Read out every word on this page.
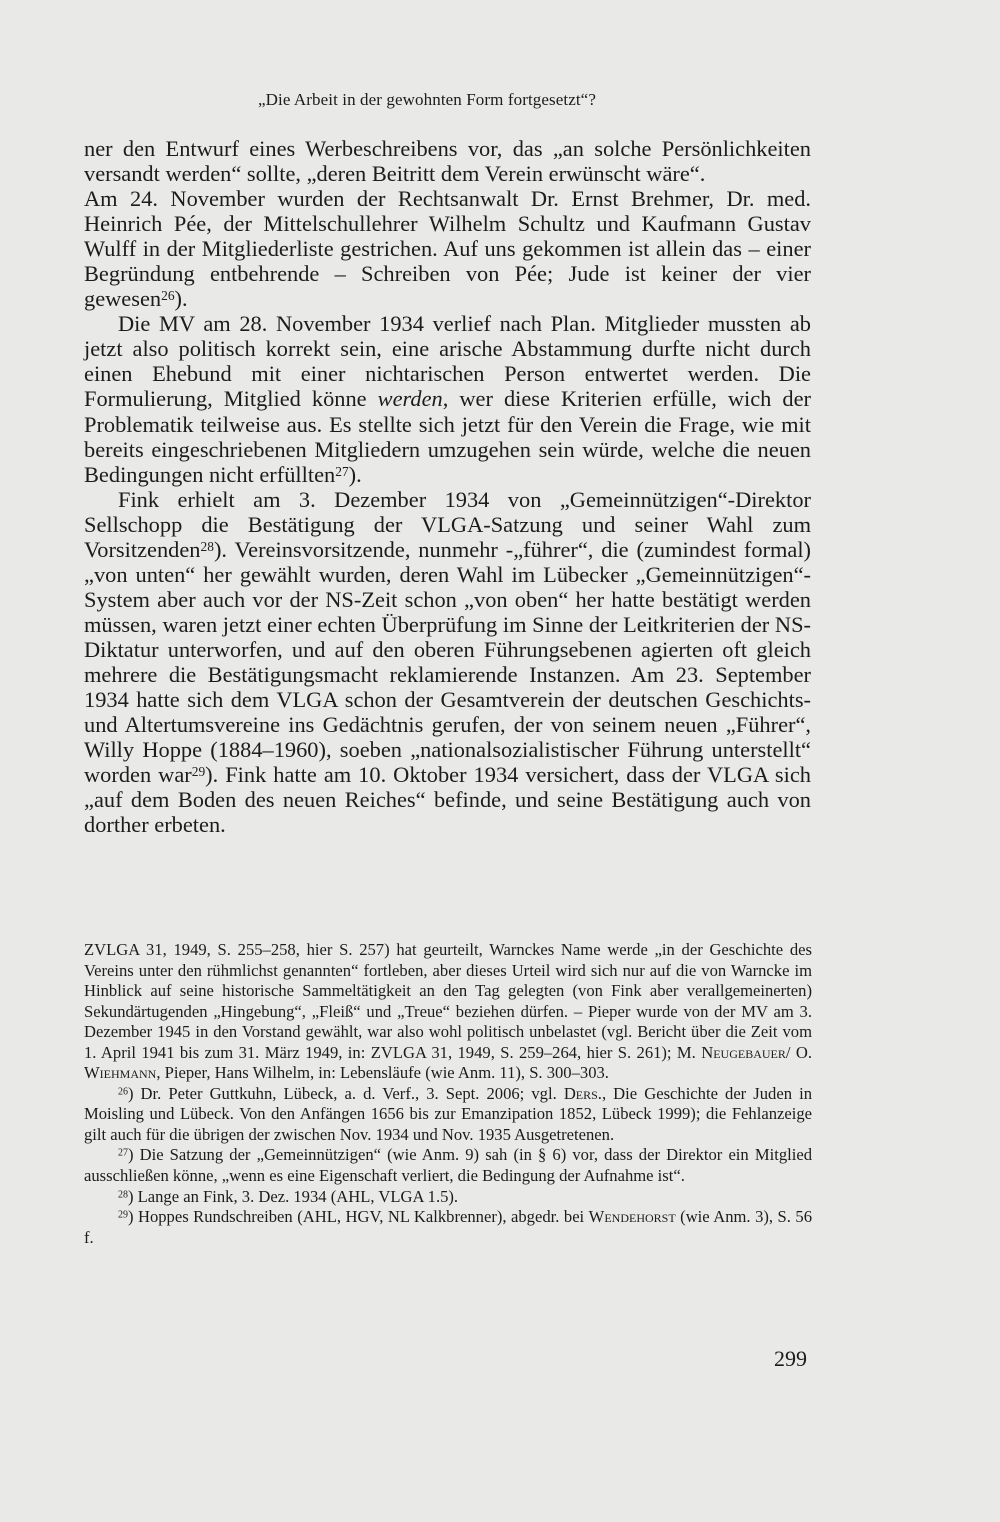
„Die Arbeit in der gewohnten Form fortgesetzt“?

ner den Entwurf eines Werbeschreibens vor, das „an solche Persönlichkeiten versandt werden“ sollte, „deren Beitritt dem Verein erwünscht wäre“.
Am 24. November wurden der Rechtsanwalt Dr. Ernst Brehmer, Dr. med. Heinrich Pée, der Mittelschullehrer Wilhelm Schultz und Kaufmann Gustav Wulff in der Mitgliederliste gestrichen. Auf uns gekommen ist allein das – einer Begründung entbehrende – Schreiben von Pée; Jude ist keiner der vier gewesen$^{26}$).

Die MV am 28. November 1934 verlief nach Plan. Mitglieder mussten ab jetzt also politisch korrekt sein, eine arische Abstammung durfte nicht durch einen Ehebund mit einer nichtarischen Person entwertet werden. Die Formulierung, Mitglied könne werden, wer diese Kriterien erfülle, wich der Problematik teilweise aus. Es stellte sich jetzt für den Verein die Frage, wie mit bereits eingeschriebenen Mitgliedern umzugehen sein würde, welche die neuen Bedingungen nicht erfüllten$^{27}$).

Fink erhielt am 3. Dezember 1934 von „Gemeinnützigen“-Direktor Sellschopp die Bestätigung der VLGA-Satzung und seiner Wahl zum Vorsitzenden$^{28}$). Vereinsvorsitzende, nunmehr -„führer“, die (zumindest formal) „von unten“ her gewählt wurden, deren Wahl im Lübecker „Gemeinnützigen“-System aber auch vor der NS-Zeit schon „von oben“ her hatte bestätigt werden müssen, waren jetzt einer echten Überprüfung im Sinne der Leitkriterien der NS-Diktatur unterworfen, und auf den oberen Führungsebenen agierten oft gleich mehrere die Bestätigungsmacht reklamierende Instanzen. Am 23. September 1934 hatte sich dem VLGA schon der Gesamtverein der deutschen Geschichts- und Altertumsvereine ins Gedächtnis gerufen, der von seinem neuen „Führer“, Willy Hoppe (1884–1960), soeben „nationalsozialistischer Führung unterstellt“ worden war$^{29}$). Fink hatte am 10. Oktober 1934 versichert, dass der VLGA sich „auf dem Boden des neuen Reiches“ befinde, und seine Bestätigung auch von dorther erbeten.

ZVLGA 31, 1949, S. 255–258, hier S. 257) hat geurteilt, Warnckes Name werde „in der Geschichte des Vereins unter den rühmlichst genannten“ fortleben, aber dieses Urteil wird sich nur auf die von Warncke im Hinblick auf seine historische Sammeltätigkeit an den Tag gelegten (von Fink aber verallgemeinerten) Sekundärtugenden „Hingebung“, „Fleiß“ und „Treue“ beziehen dürfen. – Pieper wurde von der MV am 3. Dezember 1945 in den Vorstand gewählt, war also wohl politisch unbelastet (vgl. Bericht über die Zeit vom 1. April 1941 bis zum 31. März 1949, in: ZVLGA 31, 1949, S. 259–264, hier S. 261); M. Neugebauer/ O. Wiehmann, Pieper, Hans Wilhelm, in: Lebensläufe (wie Anm. 11), S. 300–303.

$^{26}$) Dr. Peter Guttkuhn, Lübeck, a. d. Verf., 3. Sept. 2006; vgl. Ders., Die Geschichte der Juden in Moisling und Lübeck. Von den Anfängen 1656 bis zur Emanzipation 1852, Lübeck 1999); die Fehlanzeige gilt auch für die übrigen der zwischen Nov. 1934 und Nov. 1935 Ausgetretenen.

$^{27}$) Die Satzung der „Gemeinnützigen“ (wie Anm. 9) sah (in § 6) vor, dass der Direktor ein Mitglied ausschließen könne, „wenn es eine Eigenschaft verliert, die Bedingung der Aufnahme ist“.

$^{28}$) Lange an Fink, 3. Dez. 1934 (AHL, VLGA 1.5).

$^{29}$) Hoppes Rundschreiben (AHL, HGV, NL Kalkbrenner), abgedr. bei Wendehorst (wie Anm. 3), S. 56 f.

299
